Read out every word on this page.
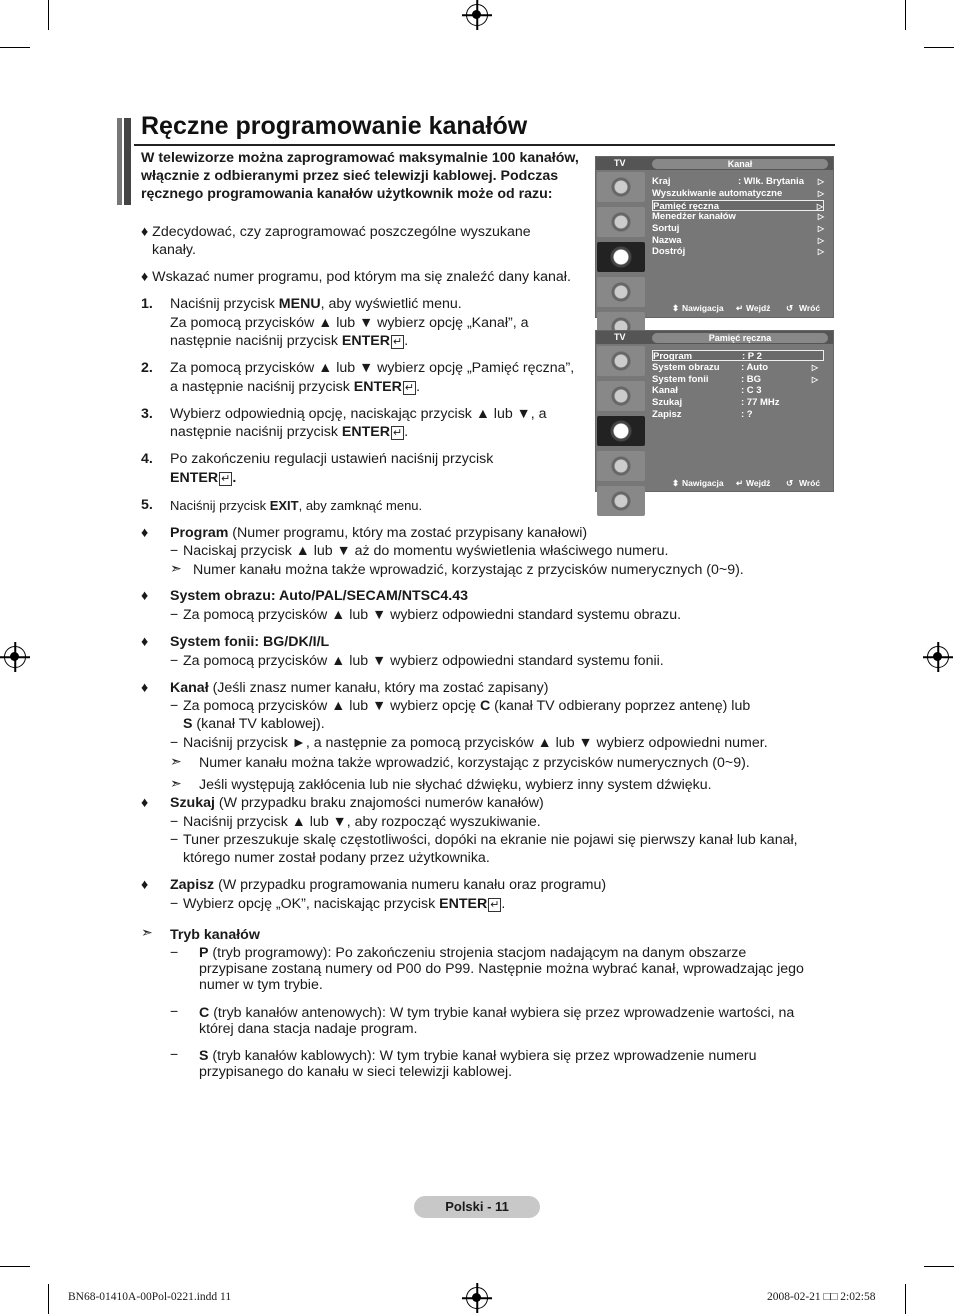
Ręczne programowanie kanałów
W telewizorze można zaprogramować maksymalnie 100 kanałów, włącznie z odbieranymi przez sieć telewizji kablowej. Podczas ręcznego programowania kanałów użytkownik może od razu:
♦ Zdecydować, czy zaprogramować poszczególne wyszukane
kanały.
♦ Wskazać numer programu, pod którym ma się znaleźć dany kanał.
1. Naciśnij przycisk MENU, aby wyświetlić menu.
Za pomocą przycisków ▲ lub ▼ wybierz opcję „Kanał”, a
następnie naciśnij przycisk ENTER ↵ .
2. Za pomocą przycisków ▲ lub ▼ wybierz opcję „Pamięć ręczna”,
a następnie naciśnij przycisk ENTER ↵ .
3. Wybierz odpowiednią opcję, naciskając przycisk ▲ lub ▼, a
następnie naciśnij przycisk ENTER ↵ .
4. Po zakończeniu regulacji ustawień naciśnij przycisk
ENTER ↵ .
5. Naciśnij przycisk EXIT, aby zamknąć menu.
TV	Kanał
Kraj	: Wlk. Brytania ▷
Wyszukiwanie automatyczne	▷
Pamięć ręczna	▷
Menedżer kanałów	▷
Sortuj	▷
Nazwa	▷
Dostrój	▷
⬍ Nawigacja ↵ Wejdź ↺ Wróć
TV	Pamięć ręczna
Program	: P 2
System obrazu : Auto	▷
System fonii	: BG	▷
Kanał	: C 3
Szukaj	: 77 MHz
Zapisz	: ?
⬍ Nawigacja ↵ Wejdź ↺ Wróć
♦ Program (Numer programu, który ma zostać przypisany kanałowi)
− Naciskaj przycisk ▲ lub ▼ aż do momentu wyświetlenia właściwego numeru.
➣ Numer kanału można także wprowadzić, korzystając z przycisków numerycznych (0~9).
♦ System obrazu: Auto/PAL/SECAM/NTSC4.43
− Za pomocą przycisków ▲ lub ▼ wybierz odpowiedni standard systemu obrazu.
♦ System fonii: BG/DK/I/L
− Za pomocą przycisków ▲ lub ▼ wybierz odpowiedni standard systemu fonii.
♦ Kanał (Jeśli znasz numer kanału, który ma zostać zapisany)
− Za pomocą przycisków ▲ lub ▼ wybierz opcję C (kanał TV odbierany poprzez antenę) lub
S (kanał TV kablowej).
− Naciśnij przycisk ►, a następnie za pomocą przycisków ▲ lub ▼ wybierz odpowiedni numer.
➣ Numer kanału można także wprowadzić, korzystając z przycisków numerycznych (0~9).
➣ Jeśli występują zakłócenia lub nie słychać dźwięku, wybierz inny system dźwięku.
♦ Szukaj (W przypadku braku znajomości numerów kanałów)
− Naciśnij przycisk ▲ lub ▼, aby rozpocząć wyszukiwanie.
− Tuner przeszukuje skalę częstotliwości, dopóki na ekranie nie pojawi się pierwszy kanał lub kanał,
którego numer został podany przez użytkownika.
♦ Zapisz (W przypadku programowania numeru kanału oraz programu)
− Wybierz opcję „OK”, naciskając przycisk ENTER ↵ .
➣ Tryb kanałów
− P (tryb programowy): Po zakończeniu strojenia stacjom nadającym na danym obszarze
przypisane zostaną numery od P00 do P99. Następnie można wybrać kanał, wprowadzając jego
numer w tym trybie.
− C (tryb kanałów antenowych): W tym trybie kanał wybiera się przez wprowadzenie wartości, na
której dana stacja nadaje program.
− S (tryb kanałów kablowych): W tym trybie kanał wybiera się przez wprowadzenie numeru
przypisanego do kanału w sieci telewizji kablowej.
Polski - 11
BN68-01410A-00Pol-0221.indd 11	2008-02-21 □□ 2:02:58
